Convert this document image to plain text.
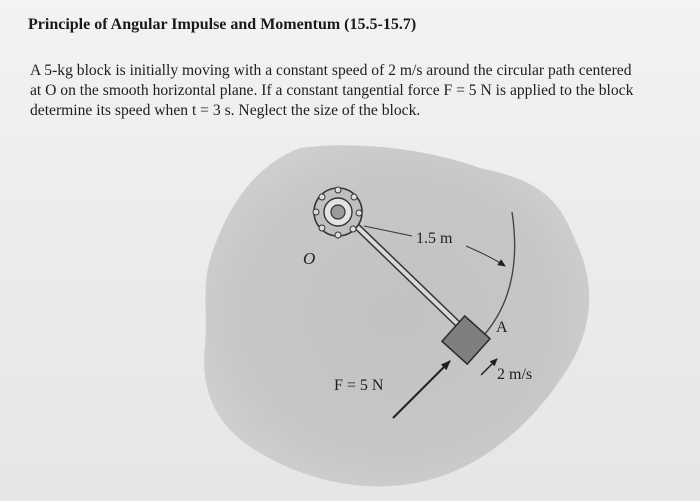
Principle of Angular Impulse and Momentum (15.5-15.7)
A 5-kg block is initially moving with a constant speed of 2 m/s around the circular path centered
at O on the smooth horizontal plane. If a constant tangential force F = 5 N is applied to the block
determine its speed when t = 3 s. Neglect the size of the block.
O
1.5 m
A
2 m/s
F = 5 N
